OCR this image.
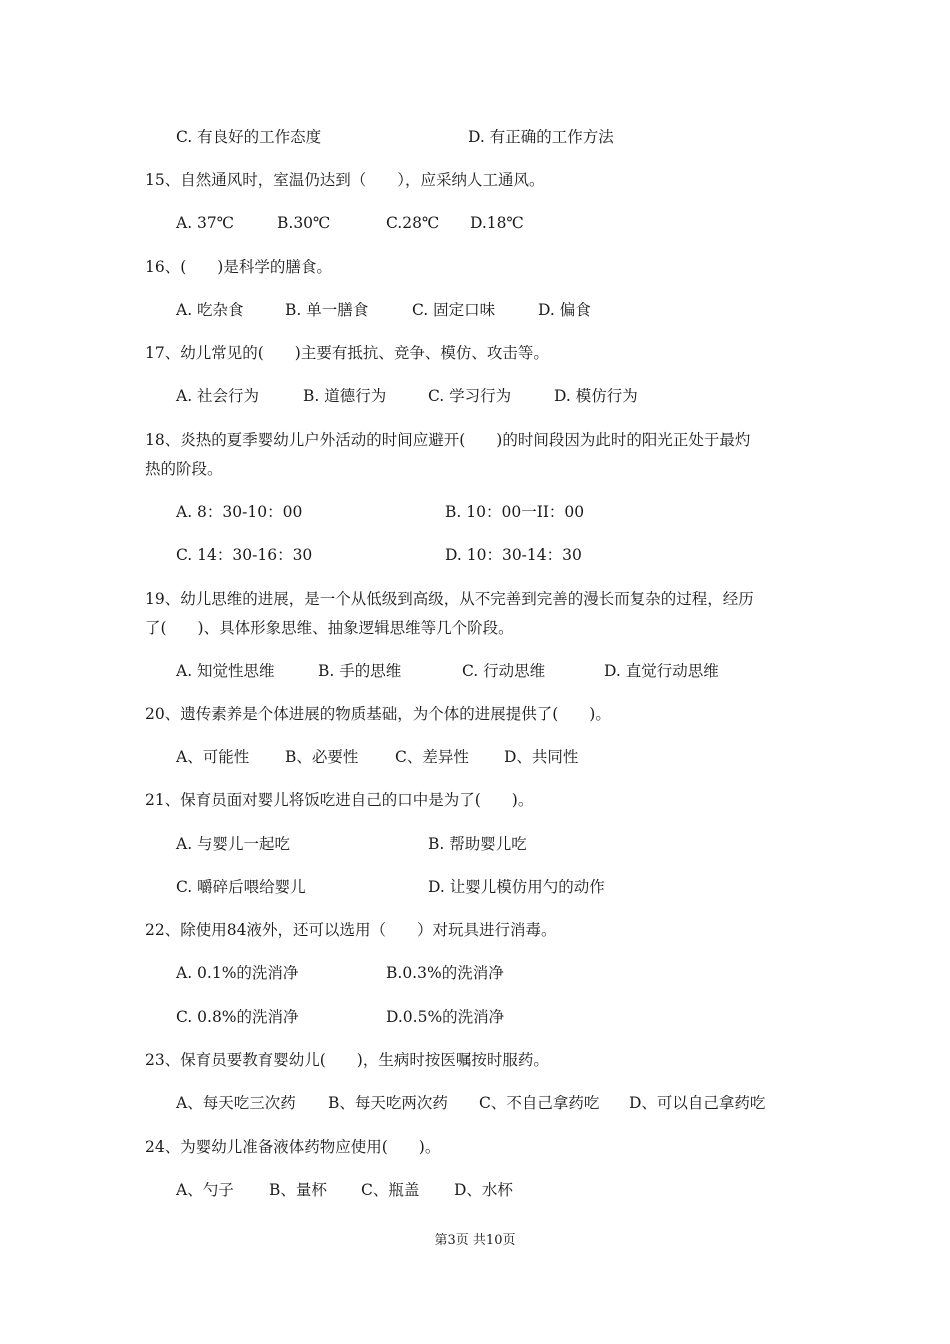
C. 有良好的工作态度	D. 有正确的工作方法
15、自然通风时，室温仍达到（　　），应采纳人工通风。
A. 37℃	B.30℃	C.28℃ D.18℃
16、(　　)是科学的膳食。
A. 吃杂食	B. 单一膳食	C. 固定口味	D. 偏食
17、幼儿常见的(　　)主要有抵抗、竞争、模仿、攻击等。
A. 社会行为	B. 道德行为	C. 学习行为	D. 模仿行为
18、炎热的夏季婴幼儿户外活动的时间应避开(　　)的时间段因为此时的阳光正处于最灼
热的阶段。
A. 8：30-10：00	B. 10：00一II：00
C. 14：30-16：30	D. 10：30-14：30
19、幼儿思维的进展，是一个从低级到高级，从不完善到完善的漫长而复杂的过程，经历
了(　　)、具体形象思维、抽象逻辑思维等几个阶段。
A. 知觉性思维	B. 手的思维	C. 行动思维	D. 直觉行动思维
20、遗传素养是个体进展的物质基础，为个体的进展提供了(　　)。
A、可能性 B、必要性 C、差异性 D、共同性
21、保育员面对婴儿将饭吃进自己的口中是为了(　　)。
A. 与婴儿一起吃	B. 帮助婴儿吃
C. 嚼碎后喂给婴儿	D. 让婴儿模仿用勺的动作
22、除使用84液外，还可以选用（　　）对玩具进行消毒。
A. 0.1%的洗消净	B.0.3%的洗消净
C. 0.8%的洗消净	D.0.5%的洗消净
23、保育员要教育婴幼儿(　　)，生病时按医嘱按时服药。
A、每天吃三次药 B、每天吃两次药 C、不自己拿药吃 D、可以自己拿药吃
24、为婴幼儿准备液体药物应使用(　　)。
A、勺子 B、量杯 C、瓶盖 D、水杯
第3页 共10页
